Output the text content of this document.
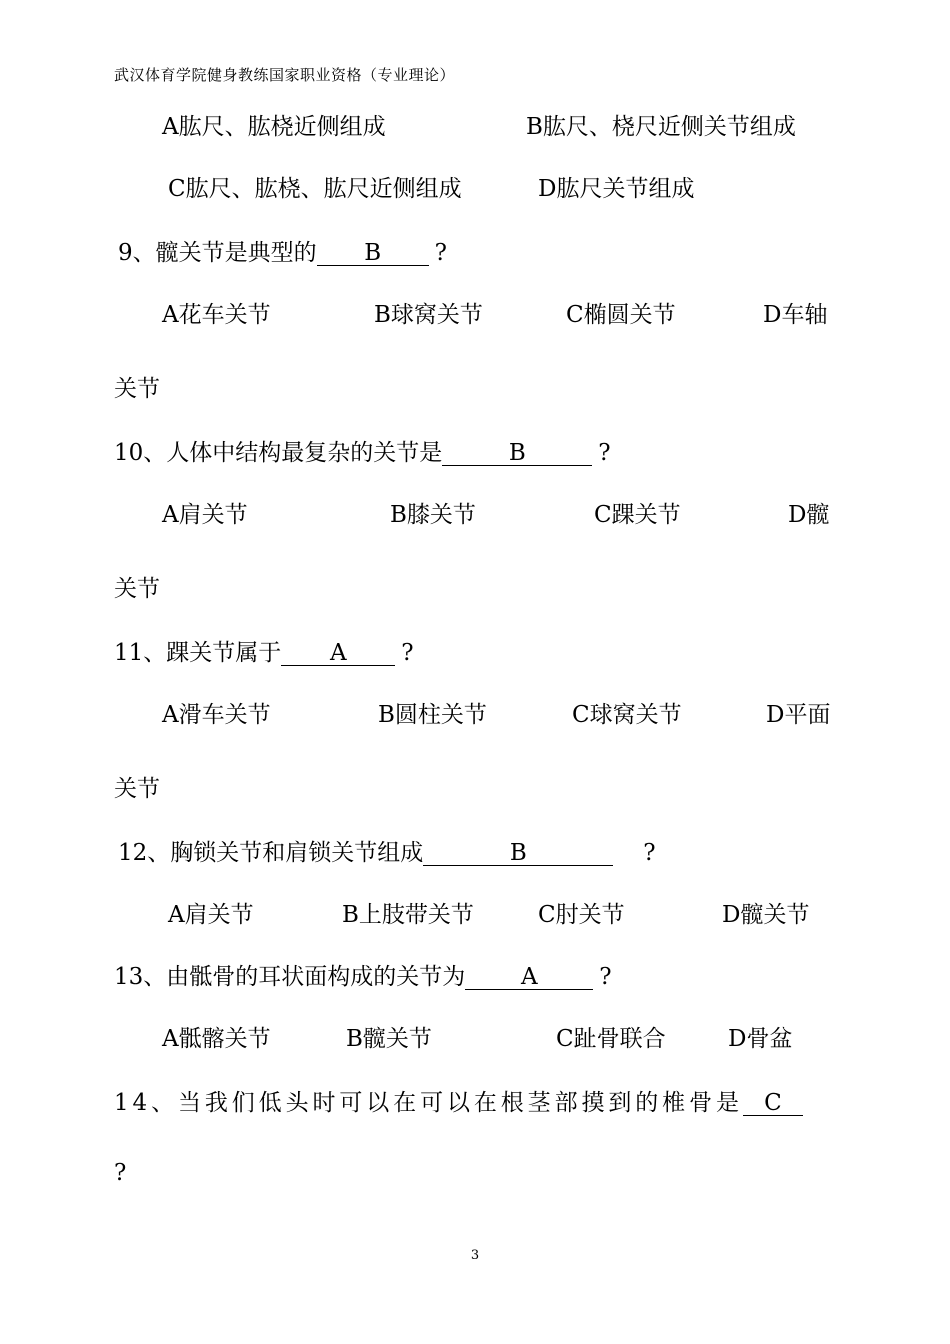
武汉体育学院健身教练国家职业资格（专业理论）
A肱尺、肱桡近侧组成	B肱尺、桡尺近侧关节组成
C肱尺、肱桡、肱尺近侧组成	D肱尺关节组成
9、髋关节是典型的 B ?
A花车关节	B球窝关节	C椭圆关节	D车轴
关节
10、人体中结构最复杂的关节是	B	?
A肩关节	B膝关节	C踝关节	D髋
关节
11、踝关节属于 A ?
A滑车关节	B圆柱关节	C球窝关节	D平面
关节
12、胸锁关节和肩锁关节组成	B	?
A肩关节	B上肢带关节	C肘关节	D髋关节
13、由骶骨的耳状面构成的关节为 A	?
A骶髂关节	B髋关节	C趾骨联合	D骨盆
14、当我们低头时可以在可以在根茎部摸到的椎骨是 C
?
3
